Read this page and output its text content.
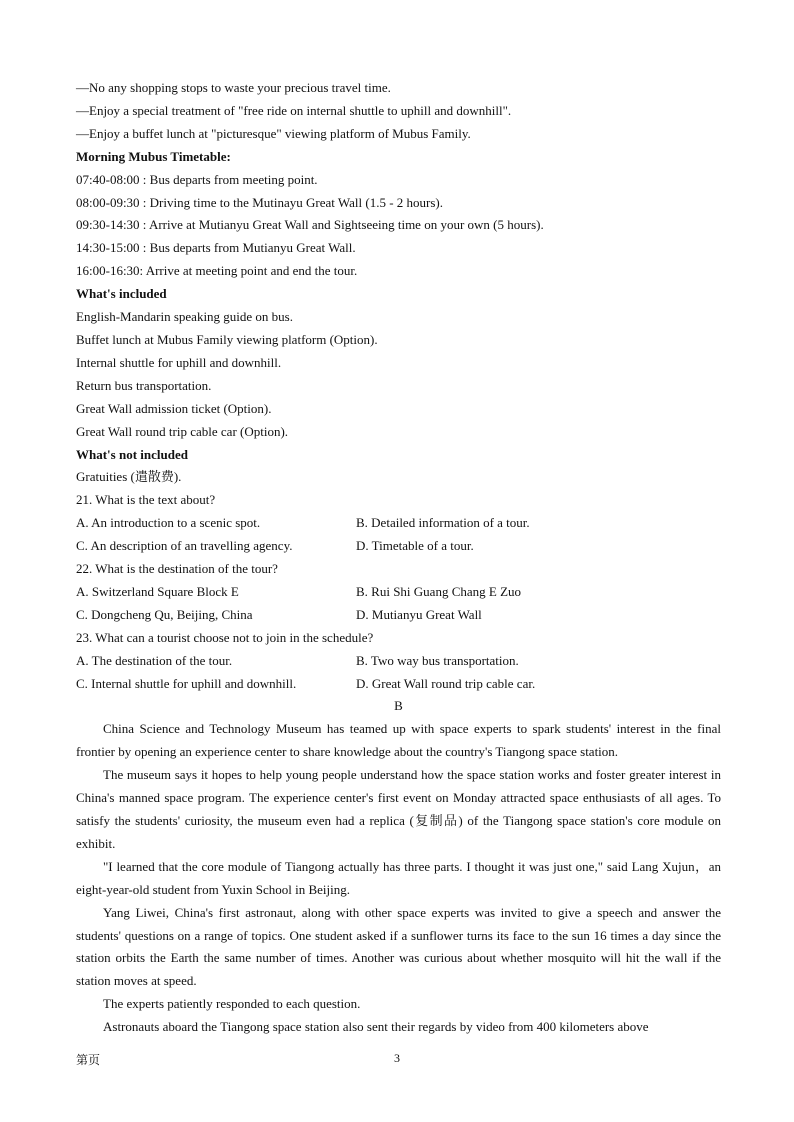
—No any shopping stops to waste your precious travel time.

—Enjoy a special treatment of "free ride on internal shuttle to uphill and downhill".

—Enjoy a buffet lunch at "picturesque" viewing platform of Mubus Family.

Morning Mubus Timetable:

07:40-08:00 : Bus departs from meeting point.

08:00-09:30 : Driving time to the Mutinayu Great Wall (1.5 - 2 hours).

09:30-14:30 : Arrive at Mutianyu Great Wall and Sightseeing time on your own (5 hours).

14:30-15:00 : Bus departs from Mutianyu Great Wall.

16:00-16:30: Arrive at meeting point and end the tour.

What's included

English-Mandarin speaking guide on bus.

Buffet lunch at Mubus Family viewing platform (Option).

Internal shuttle for uphill and downhill.

Return bus transportation.

Great Wall admission ticket (Option).

Great Wall round trip cable car (Option).

What's not included

Gratuities (遣散费).

21. What is the text about?

A. An introduction to a scenic spot.	B. Detailed information of a tour.
C. An description of an travelling agency.	D. Timetable of a tour.

22. What is the destination of the tour?

A. Switzerland Square Block E	B. Rui Shi Guang Chang E Zuo
C. Dongcheng Qu, Beijing, China	D. Mutianyu Great Wall

23. What can a tourist choose not to join in the schedule?

A. The destination of the tour.	B. Two way bus transportation.
C. Internal shuttle for uphill and downhill.	D. Great Wall round trip cable car.

B

China Science and Technology Museum has teamed up with space experts to spark students' interest in the final frontier by opening an experience center to share knowledge about the country's Tiangong space station.

The museum says it hopes to help young people understand how the space station works and foster greater interest in China's manned space program. The experience center's first event on Monday attracted space enthusiasts of all ages. To satisfy the students' curiosity, the museum even had a replica (复制品) of the Tiangong space station's core module on exhibit.

"I learned that the core module of Tiangong actually has three parts. I thought it was just one," said Lang Xujun，an eight-year-old student from Yuxin School in Beijing.

Yang Liwei, China's first astronaut, along with other space experts was invited to give a speech and answer the students' questions on a range of topics. One student asked if a sunflower turns its face to the sun 16 times a day since the station orbits the Earth the same number of times. Another was curious about whether mosquito will hit the wall if the station moves at speed.

The experts patiently responded to each question.

Astronauts aboard the Tiangong space station also sent their regards by video from 400 kilometers above

第页	3
